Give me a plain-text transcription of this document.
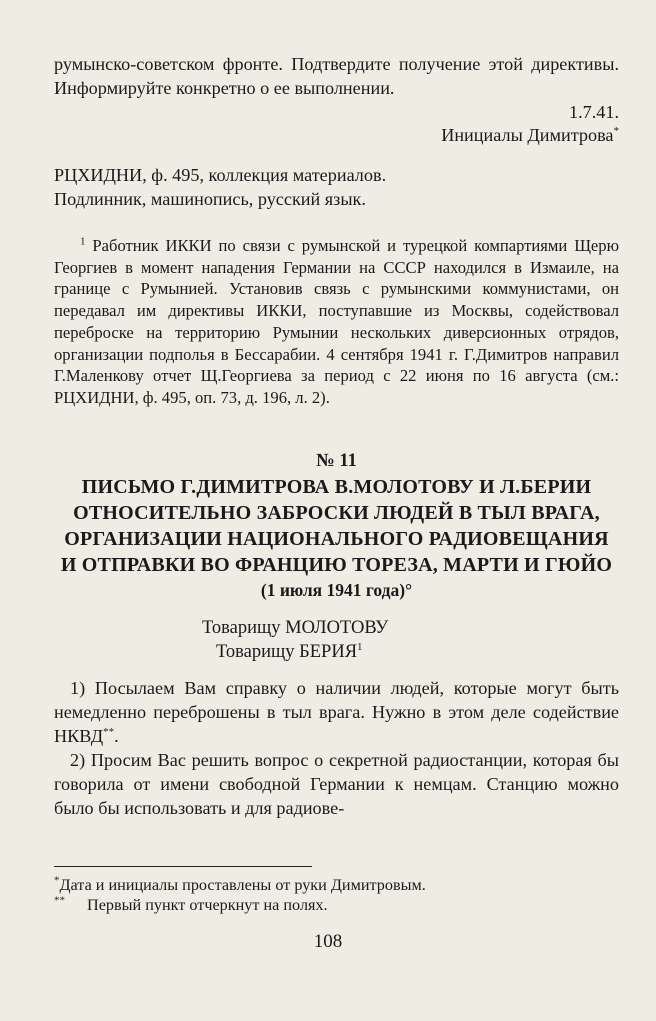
румынско-советском фронте. Подтвердите получение этой директивы. Информируйте конкретно о ее выполнении.

1.7.41.

Инициалы Димитрова*

РЦХИДНИ, ф. 495, коллекция материалов.

Подлинник, машинопись, русский язык.

$^1$ Работник ИККИ по связи с румынской и турецкой компартиями Щерю Георгиев в момент нападения Германии на СССР находился в Измаиле, на границе с Румынией. Установив связь с румынскими коммунистами, он передавал им директивы ИККИ, поступавшие из Москвы, содействовал переброске на территорию Румынии нескольких диверсионных отрядов, организации подполья в Бессарабии. 4 сентября 1941 г. Г.Димитров направил Г.Маленкову отчет Щ.Георгиева за период с 22 июня по 16 августа (см.: РЦХИДНИ, ф. 495, оп. 73, д. 196, л. 2).

№ 11

ПИСЬМО Г.ДИМИТРОВА В.МОЛОТОВУ И Л.БЕРИИ ОТНОСИТЕЛЬНО ЗАБРОСКИ ЛЮДЕЙ В ТЫЛ ВРАГА, ОРГАНИЗАЦИИ НАЦИОНАЛЬНОГО РАДИОВЕЩАНИЯ И ОТПРАВКИ ВО ФРАНЦИЮ ТОРЕЗА, МАРТИ И ГЮЙО

(1 июля 1941 года)°

Товарищу МОЛОТОВУ

Товарищу БЕРИЯ$^1$

1) Посылаем Вам справку о наличии людей, которые могут быть немедленно переброшены в тыл врага. Нужно в этом деле содействие НКВД**.

2) Просим Вас решить вопрос о секретной радиостанции, которая бы говорила от имени свободной Германии к немцам. Станцию можно было бы использовать и для радиове-

*Дата и инициалы проставлены от руки Димитровым.

** Первый пункт отчеркнут на полях.

108
